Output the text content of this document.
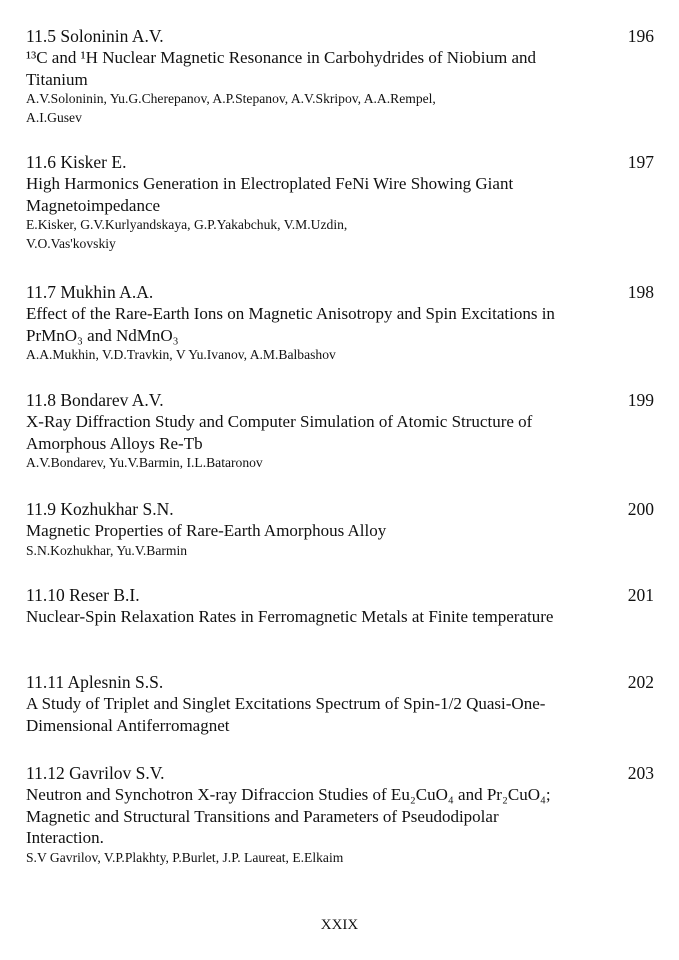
11.5 Soloninin A.V.	196
¹³C and ¹H Nuclear Magnetic Resonance in Carbohydrides of Niobium and
Titanium
A.V.Soloninin, Yu.G.Cherepanov, A.P.Stepanov, A.V.Skripov, A.A.Rempel,
A.I.Gusev
11.6 Kisker E.	197
High Harmonics Generation in Electroplated FeNi Wire Showing Giant
Magnetoimpedance
E.Kisker, G.V.Kurlyandskaya, G.P.Yakabchuk, V.M.Uzdin,
V.O.Vas'kovskiy
11.7 Mukhin A.A.	198
Effect of the Rare-Earth Ions on Magnetic Anisotropy and Spin Excitations in
PrMnO₃ and NdMnO₃
A.A.Mukhin, V.D.Travkin, V Yu.Ivanov, A.M.Balbashov
11.8 Bondarev A.V.	199
X-Ray Diffraction Study and Computer Simulation of Atomic Structure of
Amorphous Alloys Re-Tb
A.V.Bondarev, Yu.V.Barmin, I.L.Bataronov
11.9 Kozhukhar S.N.	200
Magnetic Properties of Rare-Earth Amorphous Alloy
S.N.Kozhukhar, Yu.V.Barmin
11.10 Reser B.I.	201
Nuclear-Spin Relaxation Rates in Ferromagnetic Metals at Finite temperature
11.11 Aplesnin S.S.	202
A Study of Triplet and Singlet Excitations Spectrum of Spin-1/2 Quasi-One-
Dimensional Antiferromagnet
11.12 Gavrilov S.V.	203
Neutron and Synchotron X-ray Difraccion Studies of Eu₂CuO₄ and Pr₂CuO₄;
Magnetic and Structural Transitions and Parameters of Pseudodipolar
Interaction.
S.V Gavrilov, V.P.Plakhty, P.Burlet, J.P. Laureat, E.Elkaim
XXIX
